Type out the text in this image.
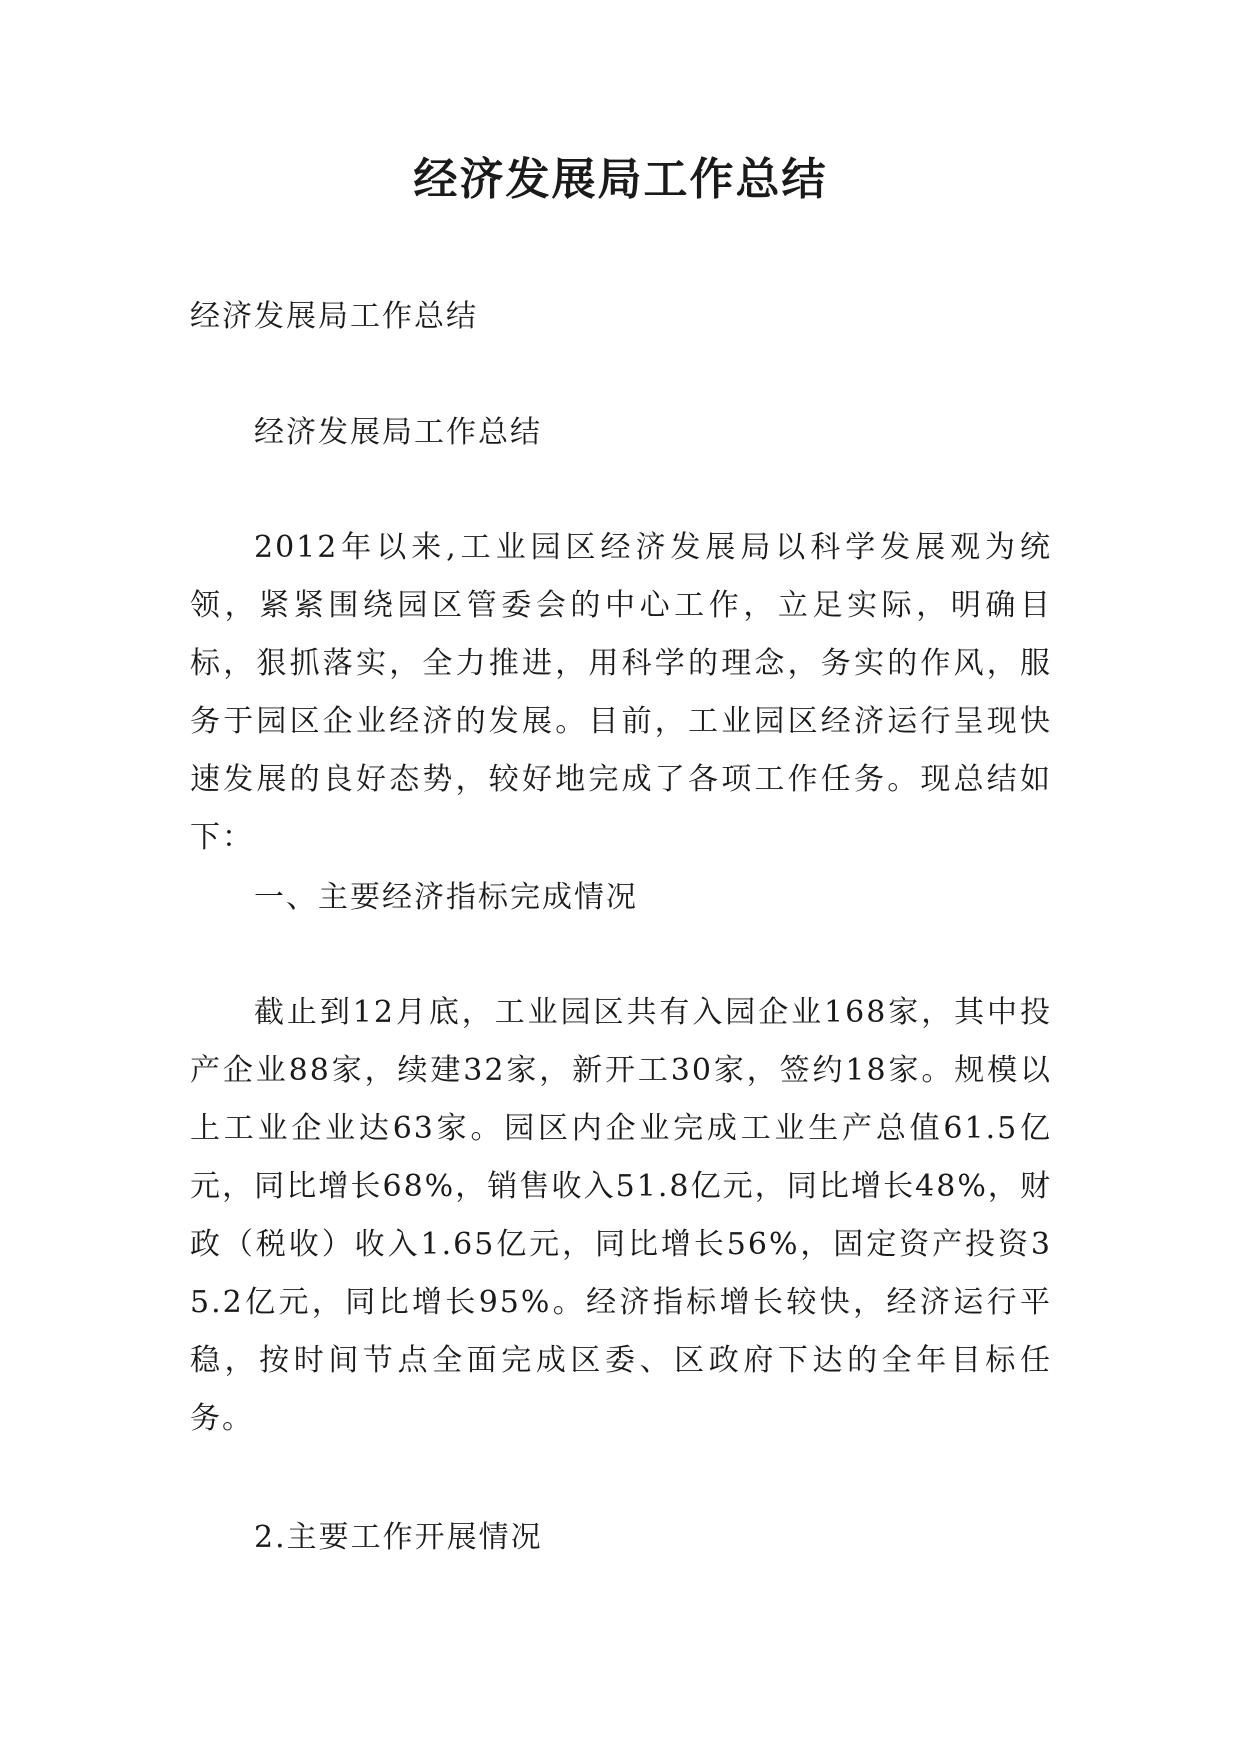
经济发展局工作总结

经济发展局工作总结

经济发展局工作总结

2012年以来,工业园区经济发展局以科学发展观为统领，紧紧围绕园区管委会的中心工作，立足实际，明确目标，狠抓落实，全力推进，用科学的理念，务实的作风，服务于园区企业经济的发展。目前，工业园区经济运行呈现快速发展的良好态势，较好地完成了各项工作任务。现总结如下：

一、主要经济指标完成情况

截止到12月底，工业园区共有入园企业168家，其中投产企业88家，续建32家，新开工30家，签约18家。规模以上工业企业达63家。园区内企业完成工业生产总值61.5亿元，同比增长68%，销售收入51.8亿元，同比增长48%，财政（税收）收入1.65亿元，同比增长56%，固定资产投资35.2亿元，同比增长95%。经济指标增长较快，经济运行平稳，按时间节点全面完成区委、区政府下达的全年目标任务。

2.主要工作开展情况
